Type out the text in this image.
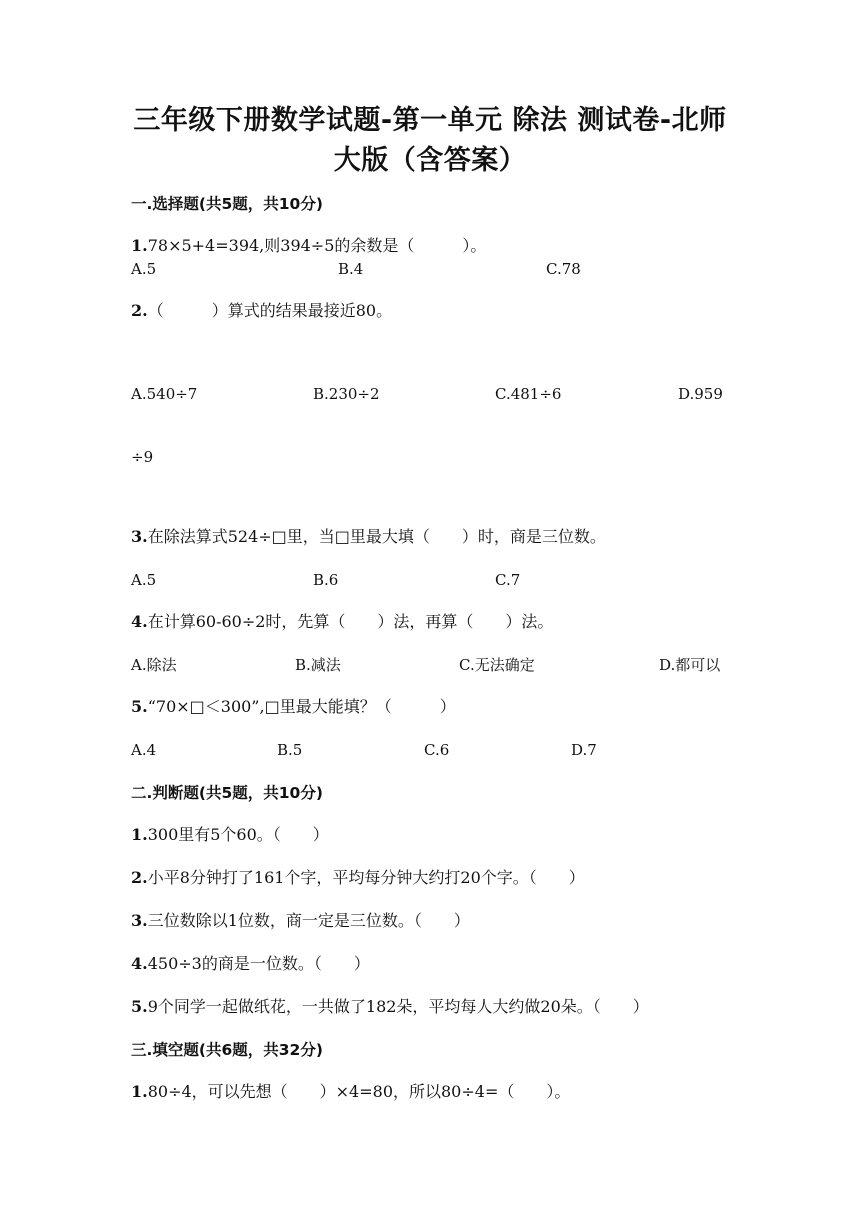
三年级下册数学试题-第一单元 除法 测试卷-北师
大版（含答案）
一.选择题(共5题，共10分)
1.78×5+4=394,则394÷5的余数是（　　　）。
A.5	B.4	C.78
2.（　　　）算式的结果最接近80。
A.540÷7	B.230÷2	C.481÷6	D.959
÷9
3.在除法算式524÷□里，当□里最大填（　　）时，商是三位数。
A.5	B.6	C.7
4.在计算60-60÷2时，先算（　　）法，再算（　　）法。
A.除法	B.减法	C.无法确定	D.都可以
5.“70×□＜300”,□里最大能填？（　　　）
A.4	B.5	C.6	D.7
二.判断题(共5题，共10分)
1.300里有5个60。（　　）
2.小平8分钟打了161个字，平均每分钟大约打20个字。（　　）
3.三位数除以1位数，商一定是三位数。（　　）
4.450÷3的商是一位数。（　　）
5.9个同学一起做纸花，一共做了182朵，平均每人大约做20朵。（　　）
三.填空题(共6题，共32分)
1.80÷4，可以先想（　　）×4=80，所以80÷4=（　　）。
